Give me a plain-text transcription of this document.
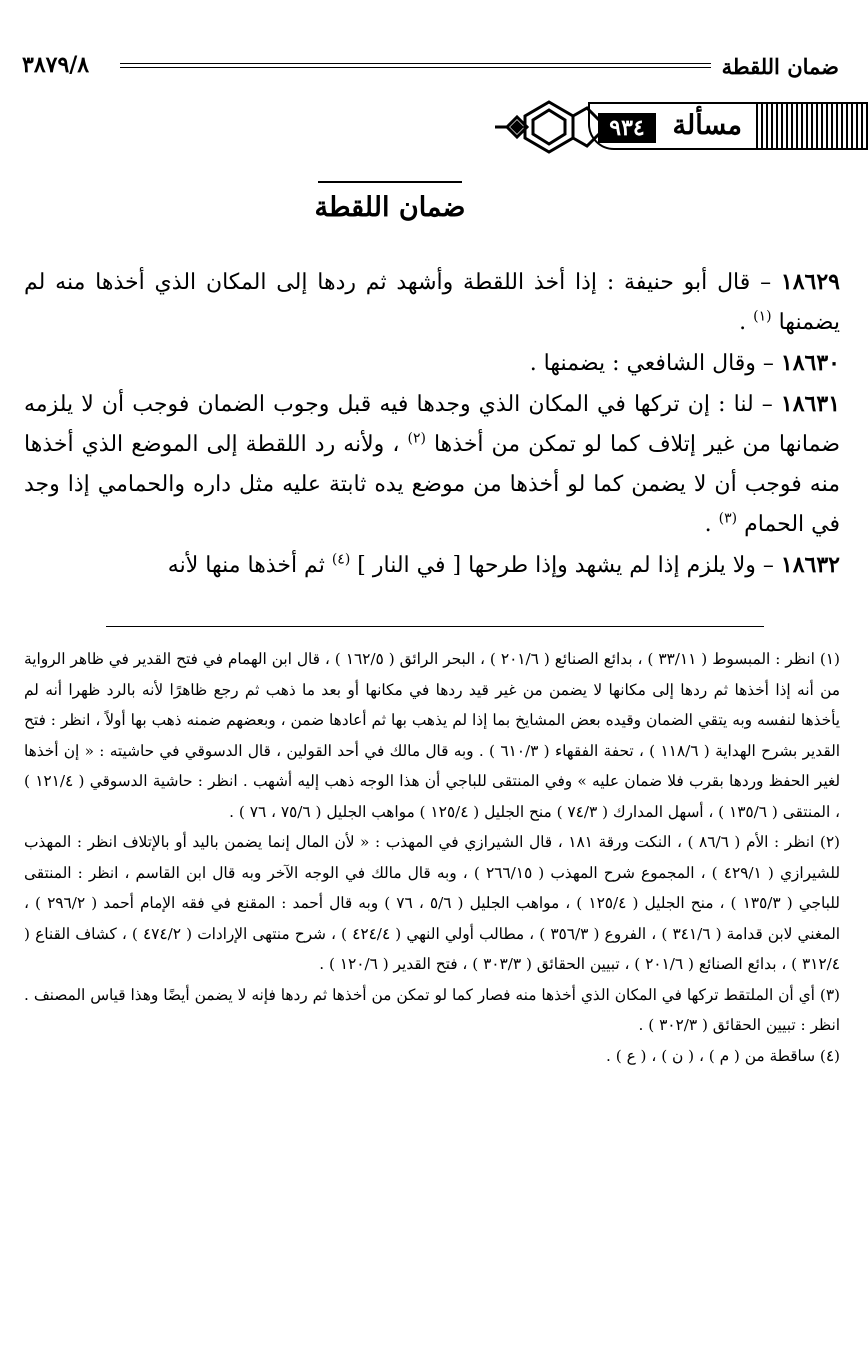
ضمان اللقطة
٣٨٧٩/٨
مسألة
٩٣٤
ضمان اللقطة

١٨٦٢٩ – قال أبو حنيفة : إذا أخذ اللقطة وأشهد ثم ردها إلى المكان الذي أخذها منه لم يضمنها $^{(١)}$ .

١٨٦٣٠ – وقال الشافعي : يضمنها .

١٨٦٣١ – لنا : إن تركها في المكان الذي وجدها فيه قبل وجوب الضمان فوجب أن لا يلزمه ضمانها من غير إتلاف كما لو تمكن من أخذها $^{(٢)}$ ، ولأنه رد اللقطة إلى الموضع الذي أخذها منه فوجب أن لا يضمن كما لو أخذها من موضع يده ثابتة عليه مثل داره والحمامي إذا وجد في الحمام $^{(٣)}$ .

١٨٦٣٢ – ولا يلزم إذا لم يشهد وإذا طرحها [ في النار ] $^{(٤)}$ ثم أخذها منها لأنه

(١) انظر : المبسوط ( ٣٣/١١ ) ، بدائع الصنائع ( ٢٠١/٦ ) ، البحر الرائق ( ١٦٢/٥ ) ، قال ابن الهمام في فتح القدير في ظاهر الرواية من أنه إذا أخذها ثم ردها إلى مكانها لا يضمن من غير قيد ردها في مكانها أو بعد ما ذهب ثم رجع ظاهرًا لأنه بالرد ظهرا أنه لم يأخذها لنفسه وبه يتقي الضمان وقيده بعض المشايخ بما إذا لم يذهب بها ثم أعادها ضمن ، وبعضهم ضمنه ذهب بها أولاً ، انظر : فتح القدير بشرح الهداية ( ١١٨/٦ ) ، تحفة الفقهاء ( ٦١٠/٣ ) . وبه قال مالك في أحد القولين ، قال الدسوقي في حاشيته : « إن أخذها لغير الحفظ وردها بقرب فلا ضمان عليه » وفي المنتقى للباجي أن هذا الوجه ذهب إليه أشهب . انظر : حاشية الدسوقي ( ١٢١/٤ ) ، المنتقى ( ١٣٥/٦ ) ، أسهل المدارك ( ٧٤/٣ ) منح الجليل ( ١٢٥/٤ ) مواهب الجليل ( ٧٥/٦ ، ٧٦ ) .

(٢) انظر : الأم ( ٨٦/٦ ) ، النكت ورقة ١٨١ ، قال الشيرازي في المهذب : « لأن المال إنما يضمن باليد أو بالإتلاف انظر : المهذب للشيرازي ( ٤٢٩/١ ) ، المجموع شرح المهذب ( ٢٦٦/١٥ ) ، وبه قال مالك في الوجه الآخر وبه قال ابن القاسم ، انظر : المنتقى للباجي ( ١٣٥/٣ ) ، منح الجليل ( ١٢٥/٤ ) ، مواهب الجليل ( ٥/٦ ، ٧٦ ) وبه قال أحمد : المقنع في فقه الإمام أحمد ( ٢٩٦/٢ ) ، المغني لابن قدامة ( ٣٤١/٦ ) ، الفروع ( ٣٥٦/٣ ) ، مطالب أولي النهي ( ٤٢٤/٤ ) ، شرح منتهى الإرادات ( ٤٧٤/٢ ) ، كشاف القناع ( ٣١٢/٤ ) ، بدائع الصنائع ( ٢٠١/٦ ) ، تبيين الحقائق ( ٣٠٣/٣ ) ، فتح القدير ( ١٢٠/٦ ) .

(٣) أي أن الملتقط تركها في المكان الذي أخذها منه فصار كما لو تمكن من أخذها ثم ردها فإنه لا يضمن أيضًا وهذا قياس المصنف . انظر : تبيين الحقائق ( ٣٠٢/٣ ) .

(٤) ساقطة من ( م ) ، ( ن ) ، ( ع ) .
